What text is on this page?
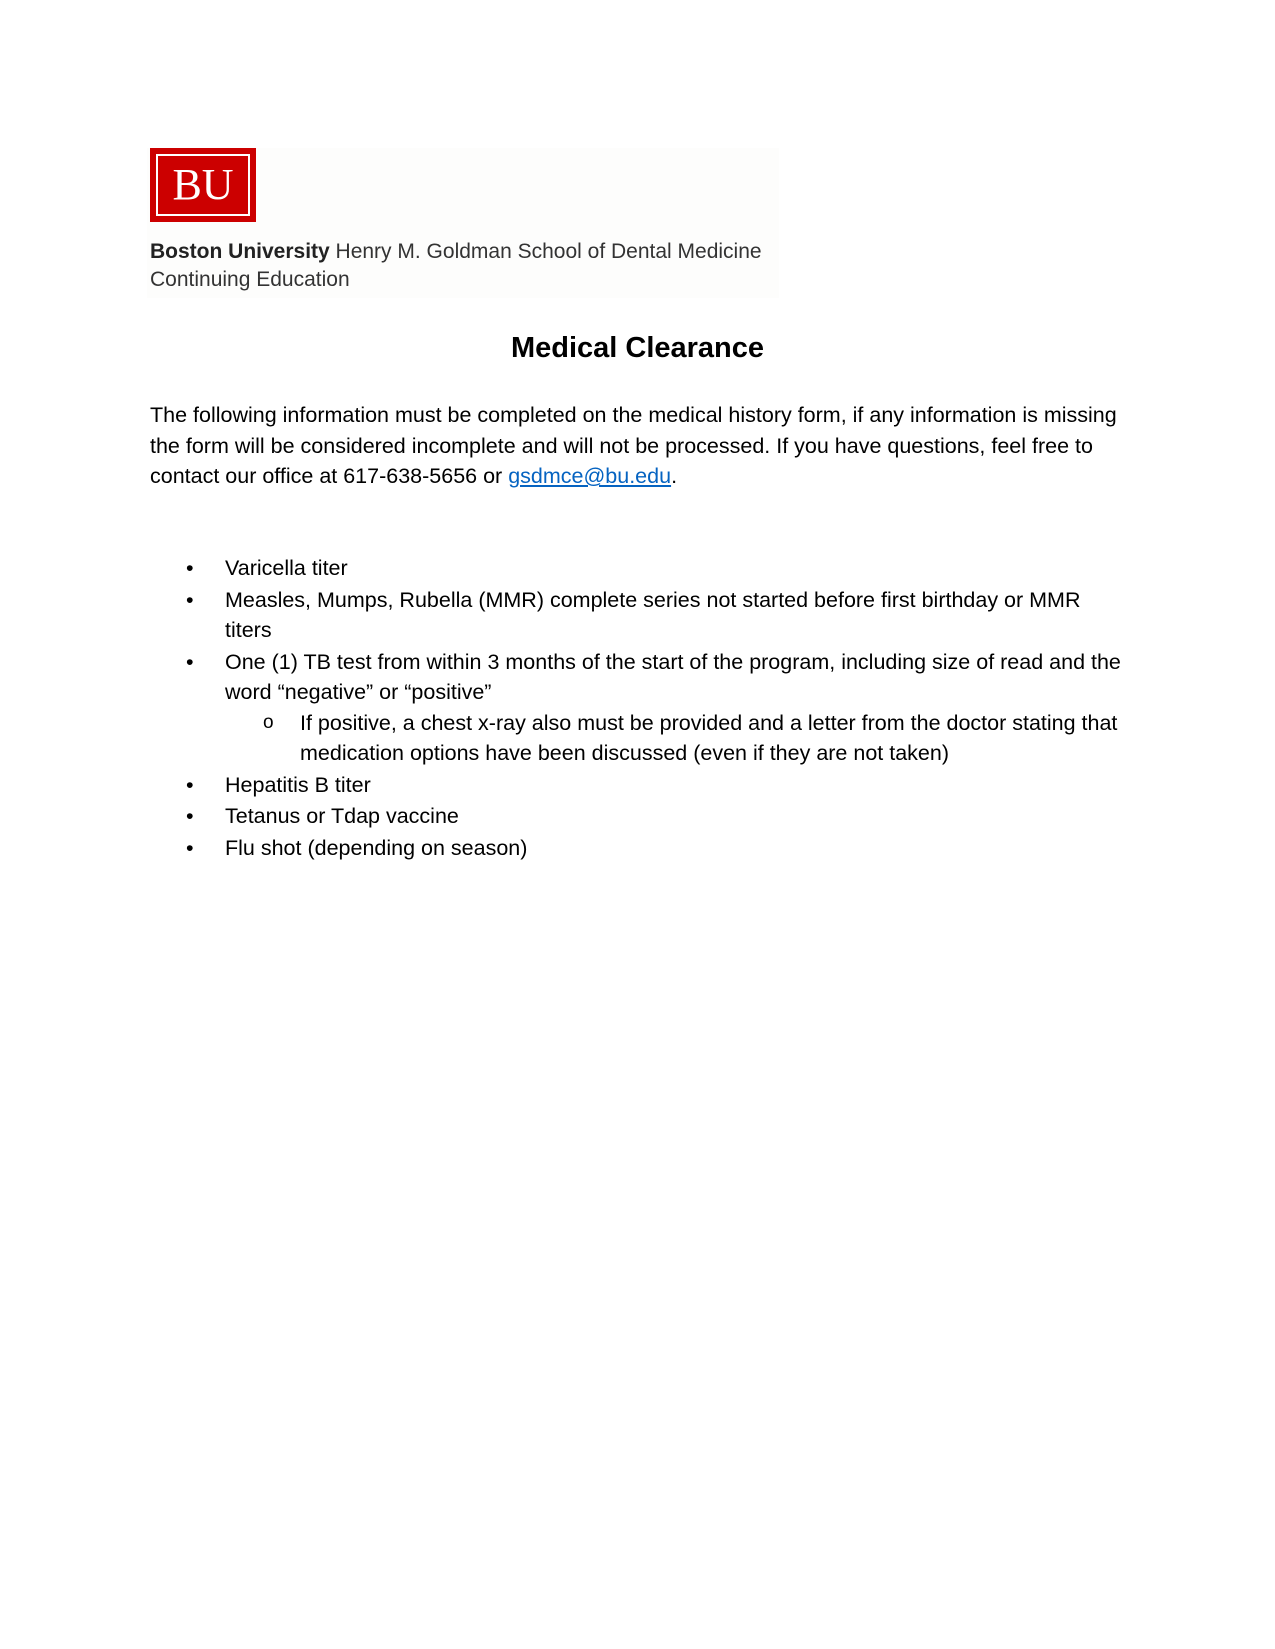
BU
Boston University Henry M. Goldman School of Dental Medicine
Continuing Education
Medical Clearance
The following information must be completed on the medical history form, if any information is missing the form will be considered incomplete and will not be processed. If you have questions, feel free to contact our office at 617-638-5656 or gsdmce@bu.edu.
• Varicella titer
• Measles, Mumps, Rubella (MMR) complete series not started before first birthday or MMR titers
• One (1) TB test from within 3 months of the start of the program, including size of read and the word “negative” or “positive”
o If positive, a chest x-ray also must be provided and a letter from the doctor stating that medication options have been discussed (even if they are not taken)
• Hepatitis B titer
• Tetanus or Tdap vaccine
• Flu shot (depending on season)
